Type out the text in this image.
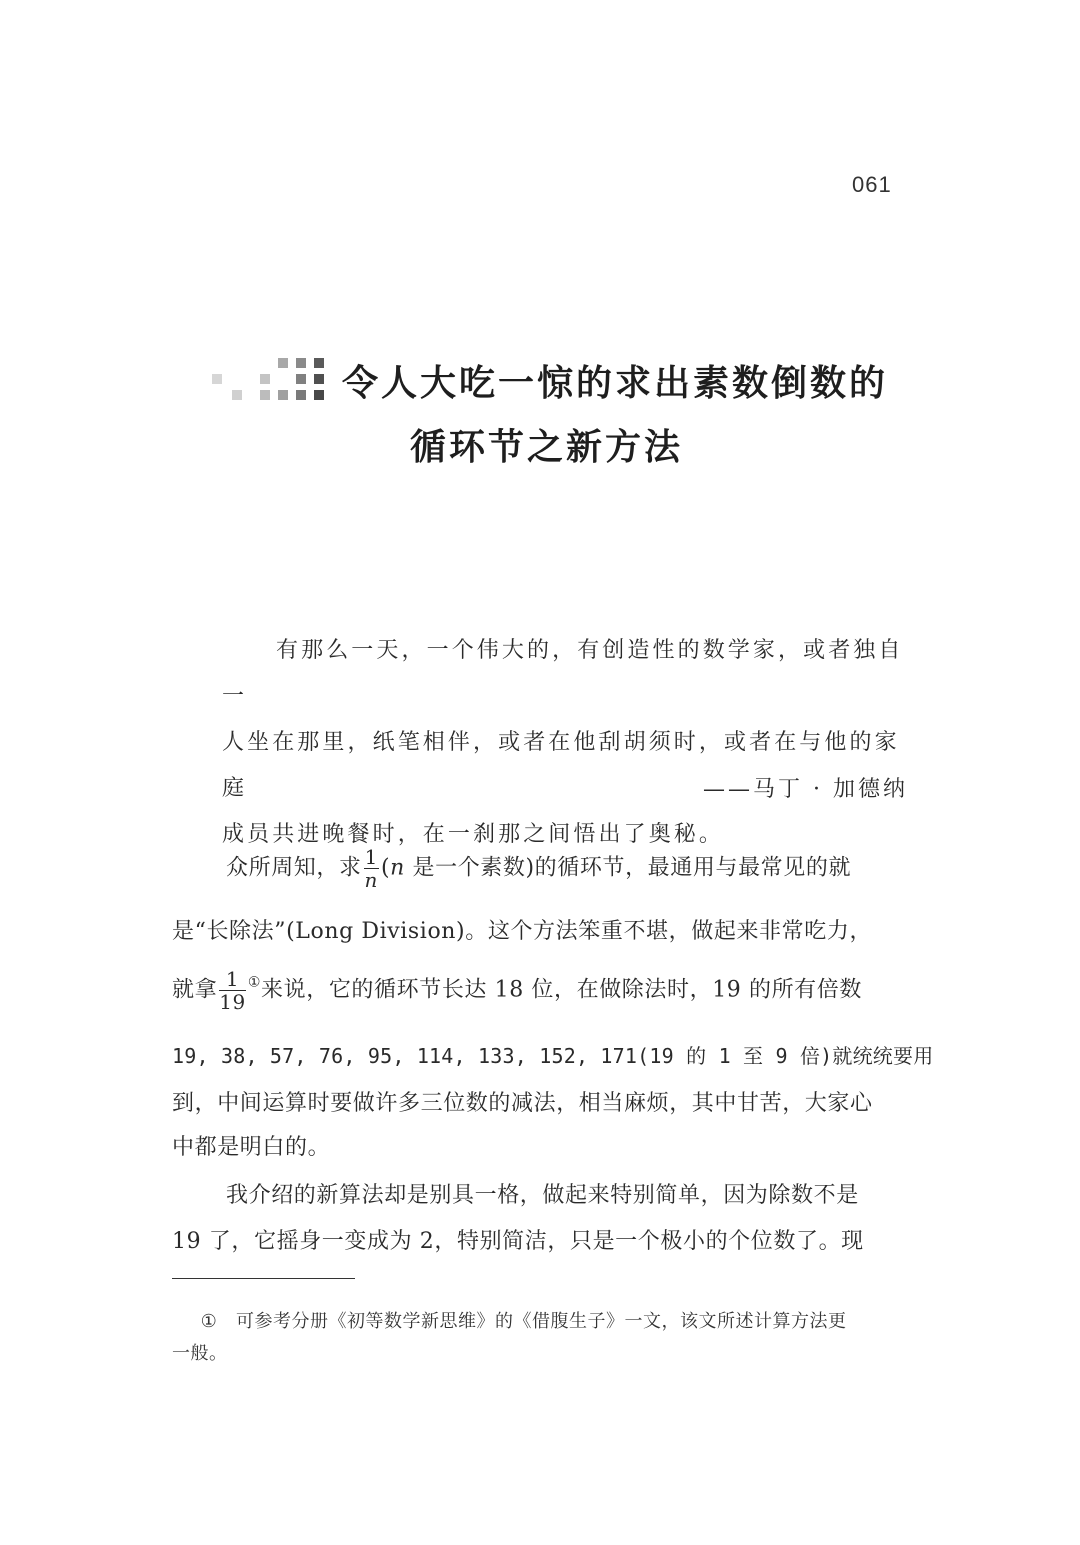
061
令人大吃一惊的求出素数倒数的
循环节之新方法

有那么一天，一个伟大的，有创造性的数学家，或者独自一

人坐在那里，纸笔相伴，或者在他刮胡须时，或者在与他的家庭

成员共进晚餐时，在一刹那之间悟出了奥秘。

——马丁 · 加德纳
众所周知，求 $\frac{1}{n} (n$ 是一个素数)的循环节，最通用与最常见的就
是“长除法”(Long Division)。这个方法笨重不堪，做起来非常吃力，
就拿 $\frac{1}{19} ^①$来说，它的循环节长达 18 位，在做除法时，19 的所有倍数
19, 38, 57, 76, 95, 114, 133, 152, 171(19 的 1 至 9 倍)就统统要用
到，中间运算时要做许多三位数的减法，相当麻烦，其中甘苦，大家心
中都是明白的。
我介绍的新算法却是别具一格，做起来特别简单，因为除数不是
19 了，它摇身一变成为 2，特别简洁，只是一个极小的个位数了。现
① 可参考分册《初等数学新思维》的《借腹生子》一文，该文所述计算方法更
一般。
